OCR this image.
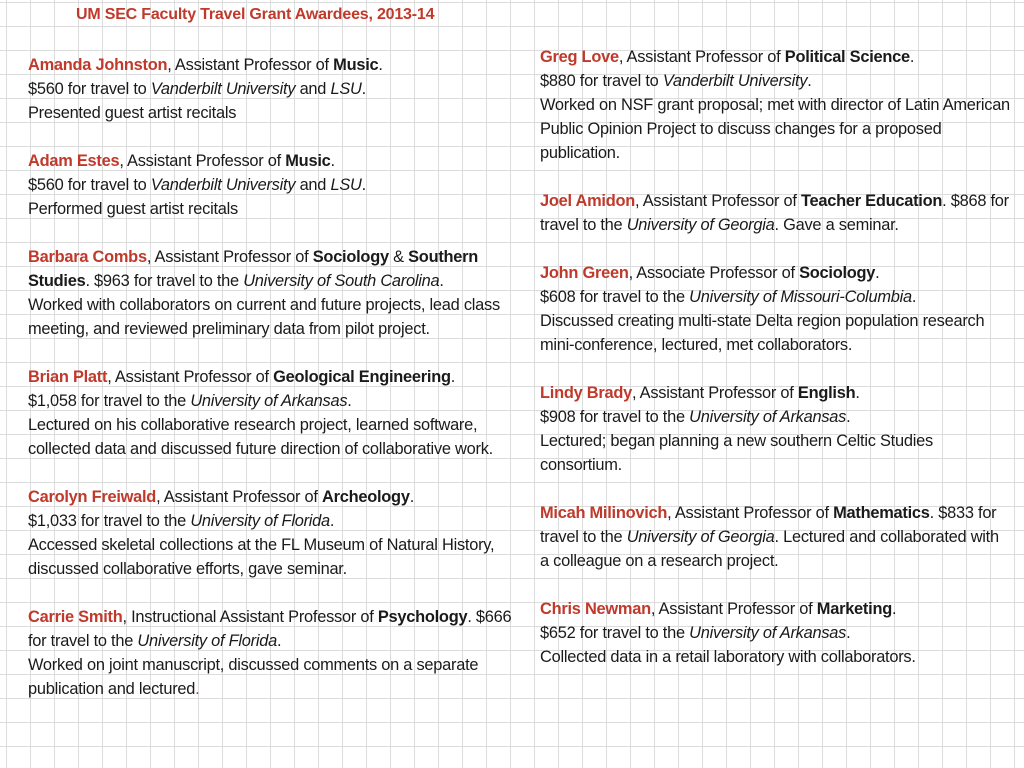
UM SEC Faculty Travel Grant Awardees, 2013-14

Amanda Johnston, Assistant Professor of Music.
$560 for travel to Vanderbilt University and LSU.
Presented guest artist recitals

Adam Estes, Assistant Professor of Music.
$560 for travel to Vanderbilt University and LSU.
Performed guest artist recitals

Barbara Combs, Assistant Professor of Sociology & Southern Studies. $963 for travel to the University of South Carolina.
Worked with collaborators on current and future projects, lead class meeting, and reviewed preliminary data from pilot project.

Brian Platt, Assistant Professor of Geological Engineering.
$1,058 for travel to the University of Arkansas.
Lectured on his collaborative research project, learned software, collected data and discussed future direction of collaborative work.

Carolyn Freiwald, Assistant Professor of Archeology.
$1,033 for travel to the University of Florida.
Accessed skeletal collections at the FL Museum of Natural History, discussed collaborative efforts, gave seminar.

Carrie Smith, Instructional Assistant Professor of Psychology. $666 for travel to the University of Florida.
Worked on joint manuscript, discussed comments on a separate publication and lectured.

Greg Love, Assistant Professor of Political Science.
$880 for travel to Vanderbilt University.
Worked on NSF grant proposal; met with director of Latin American Public Opinion Project to discuss changes for a proposed publication.

Joel Amidon, Assistant Professor of Teacher Education. $868 for travel to the University of Georgia. Gave a seminar.

John Green, Associate Professor of Sociology.
$608 for travel to the University of Missouri-Columbia.
Discussed creating multi-state Delta region population research mini-conference, lectured, met collaborators.

Lindy Brady, Assistant Professor of English.
$908 for travel to the University of Arkansas.
Lectured; began planning a new southern Celtic Studies consortium.

Micah Milinovich, Assistant Professor of Mathematics. $833 for travel to the University of Georgia. Lectured and collaborated with a colleague on a research project.

Chris Newman, Assistant Professor of Marketing.
$652 for travel to the University of Arkansas.
Collected data in a retail laboratory with collaborators.
